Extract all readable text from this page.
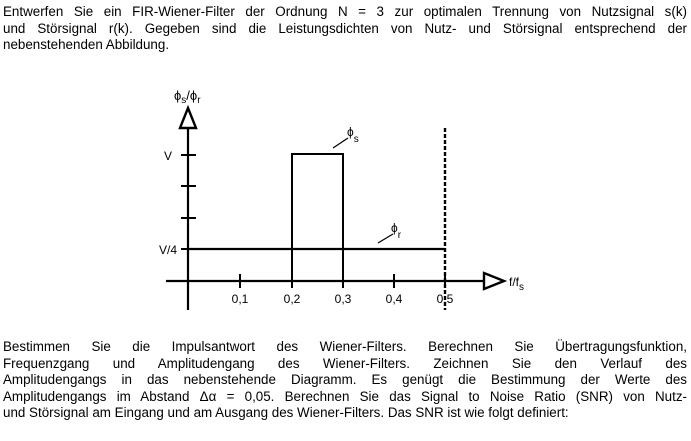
Entwerfen Sie ein FIR-Wiener-Filter der Ordnung N = 3 zur optimalen Trennung von Nutzsignal s(k)
und Störsignal r(k). Gegeben sind die Leistungsdichten von Nutz- und Störsignal entsprechend der
nebenstehenden Abbildung.
$\phi_s/\phi_r$
V
V/4
0,1	0,2	0,3	0,4	0,5
$f/f_s$
$\phi_s$
$\phi_r$
Bestimmen Sie die Impulsantwort des Wiener-Filters. Berechnen Sie Übertragungsfunktion,
Frequenzgang und Amplitudengang des Wiener-Filters. Zeichnen Sie den Verlauf des
Amplitudengangs in das nebenstehende Diagramm. Es genügt die Bestimmung der Werte des
Amplitudengangs im Abstand Δα = 0,05. Berechnen Sie das Signal to Noise Ratio (SNR) von Nutz-
und Störsignal am Eingang und am Ausgang des Wiener-Filters. Das SNR ist wie folgt definiert:
